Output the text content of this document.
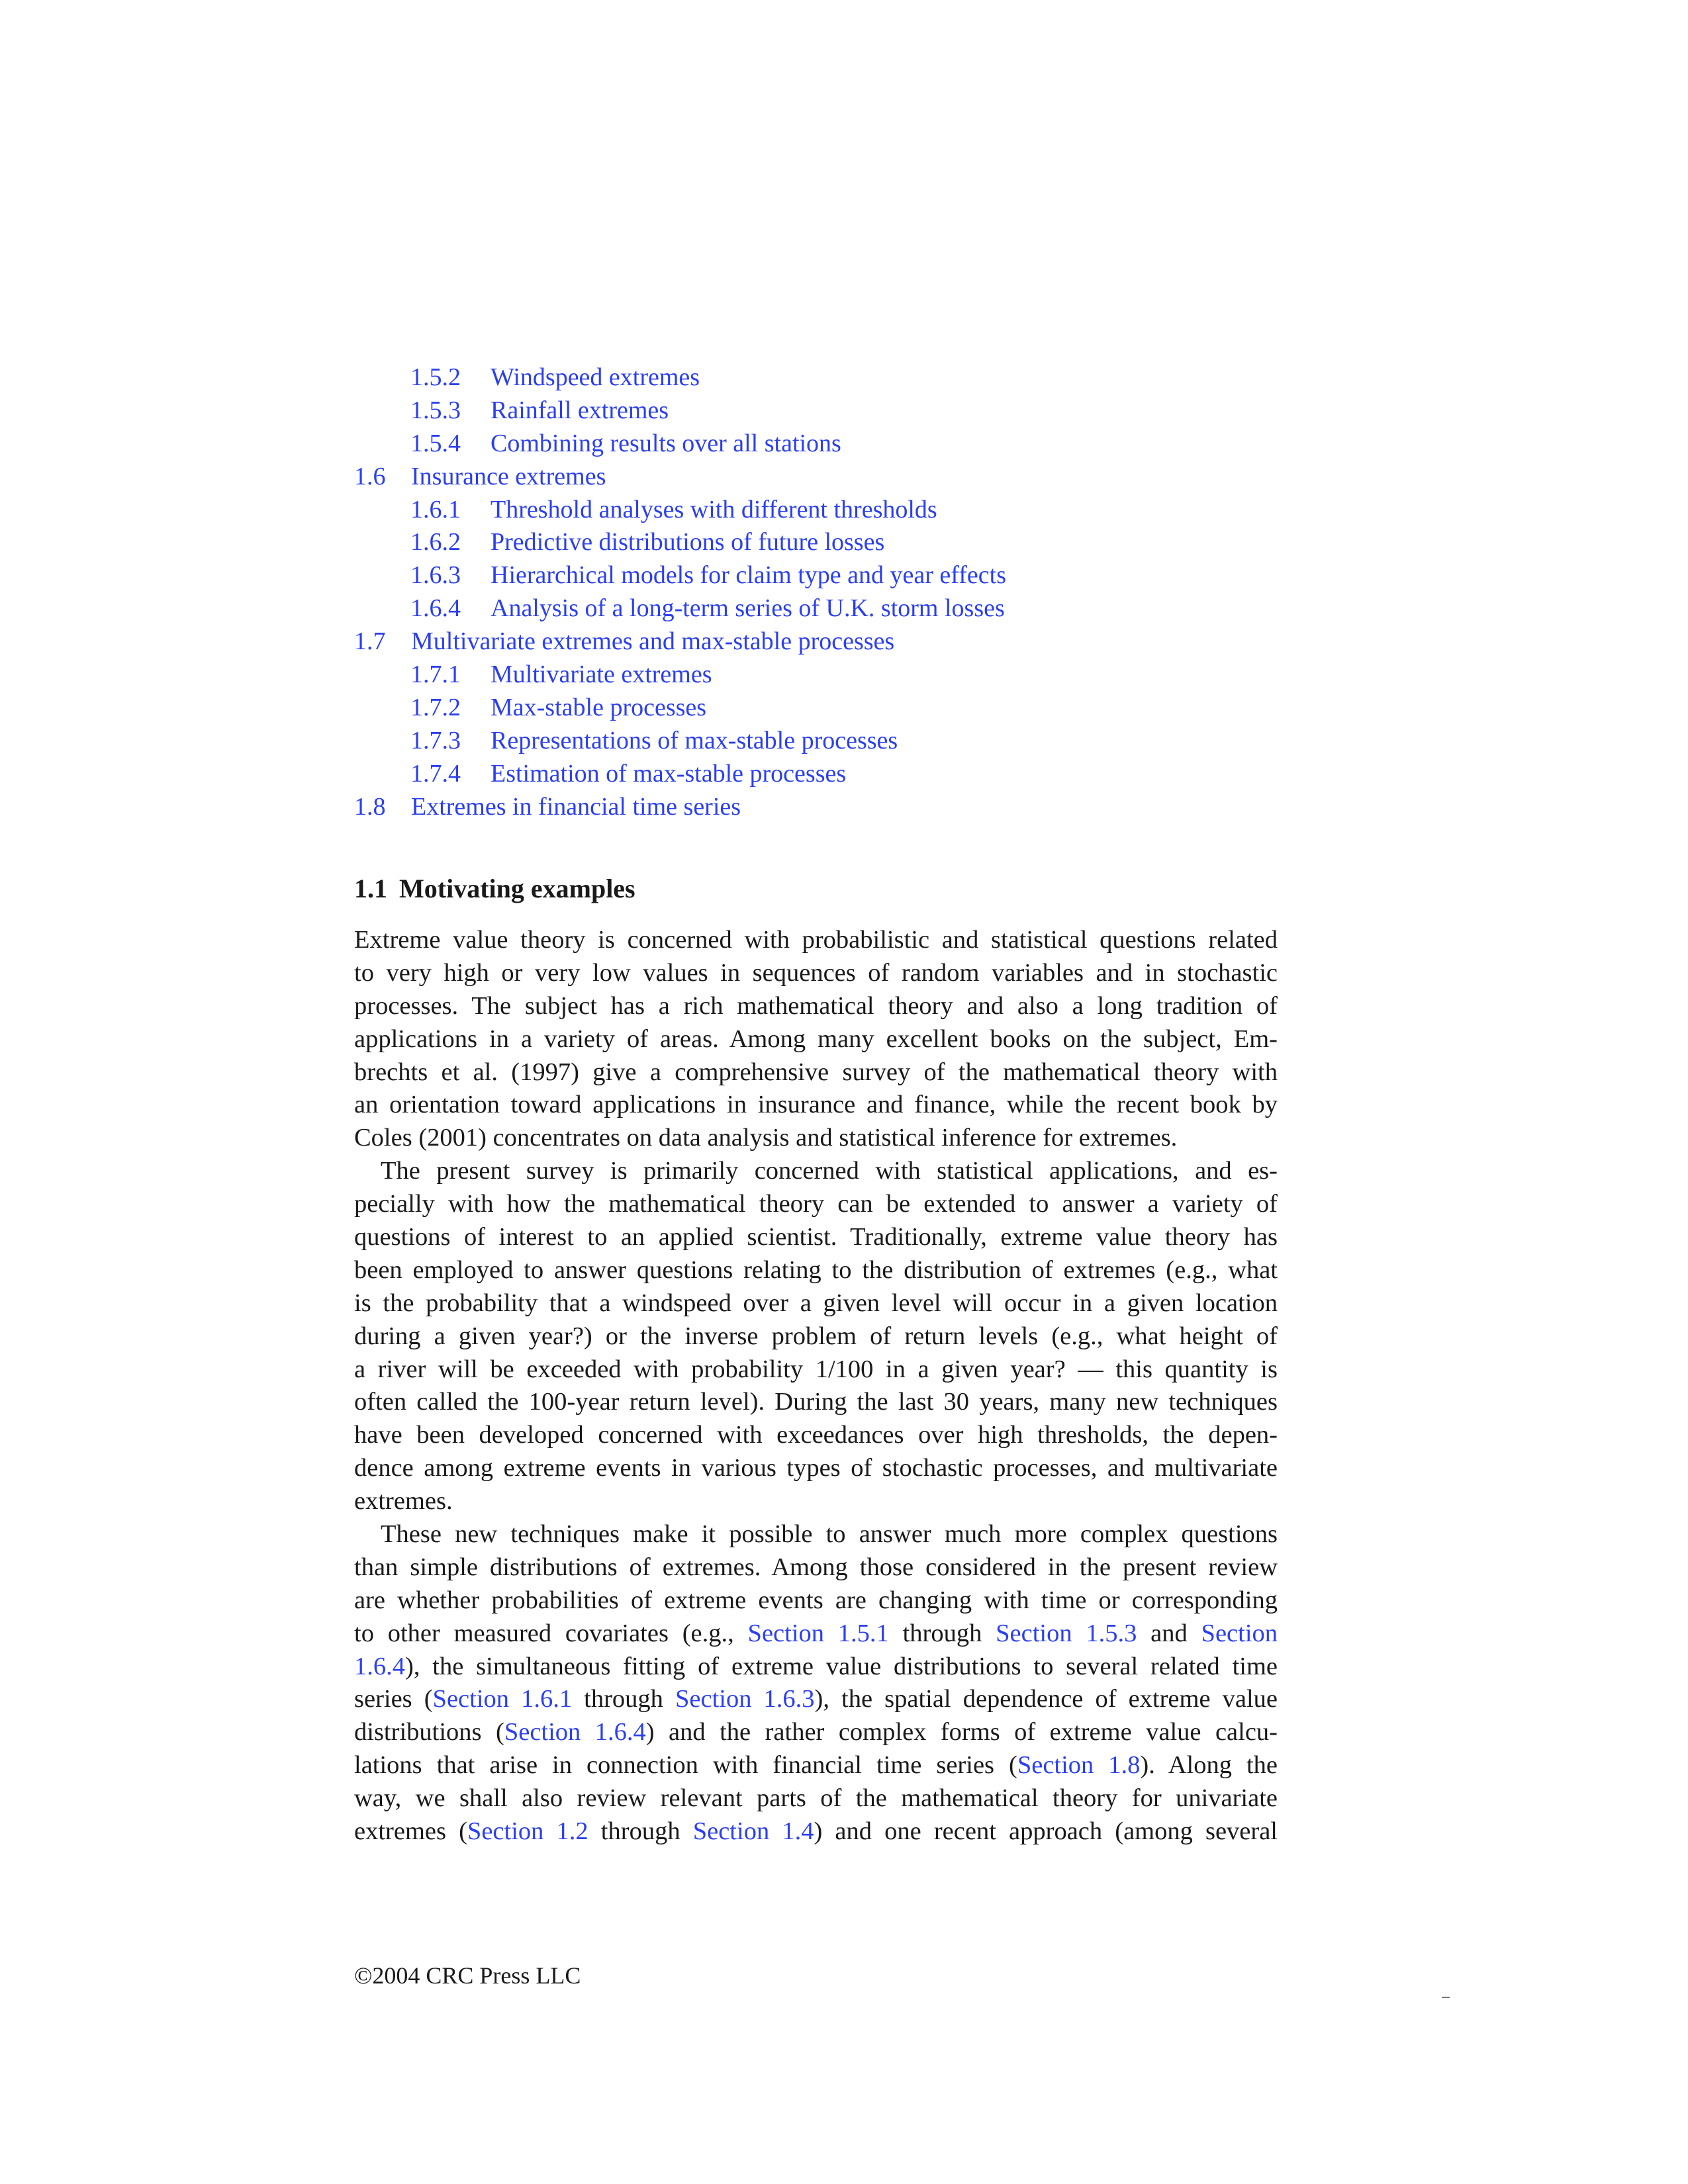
1.5.2 Windspeed extremes
1.5.3 Rainfall extremes
1.5.4 Combining results over all stations
1.6 Insurance extremes
1.6.1 Threshold analyses with different thresholds
1.6.2 Predictive distributions of future losses
1.6.3 Hierarchical models for claim type and year effects
1.6.4 Analysis of a long-term series of U.K. storm losses
1.7 Multivariate extremes and max-stable processes
1.7.1 Multivariate extremes
1.7.2 Max-stable processes
1.7.3 Representations of max-stable processes
1.7.4 Estimation of max-stable processes
1.8 Extremes in financial time series
1.1 Motivating examples
Extreme value theory is concerned with probabilistic and statistical questions related
to very high or very low values in sequences of random variables and in stochastic
processes. The subject has a rich mathematical theory and also a long tradition of
applications in a variety of areas. Among many excellent books on the subject, Em-
brechts et al. (1997) give a comprehensive survey of the mathematical theory with
an orientation toward applications in insurance and finance, while the recent book by
Coles (2001) concentrates on data analysis and statistical inference for extremes.
The present survey is primarily concerned with statistical applications, and es-
pecially with how the mathematical theory can be extended to answer a variety of
questions of interest to an applied scientist. Traditionally, extreme value theory has
been employed to answer questions relating to the distribution of extremes (e.g., what
is the probability that a windspeed over a given level will occur in a given location
during a given year?) or the inverse problem of return levels (e.g., what height of
a river will be exceeded with probability 1/100 in a given year? — this quantity is
often called the 100-year return level). During the last 30 years, many new techniques
have been developed concerned with exceedances over high thresholds, the depen-
dence among extreme events in various types of stochastic processes, and multivariate
extremes.
These new techniques make it possible to answer much more complex questions
than simple distributions of extremes. Among those considered in the present review
are whether probabilities of extreme events are changing with time or corresponding
to other measured covariates (e.g., Section 1.5.1 through Section 1.5.3 and Section
1.6.4), the simultaneous fitting of extreme value distributions to several related time
series (Section 1.6.1 through Section 1.6.3), the spatial dependence of extreme value
distributions (Section 1.6.4) and the rather complex forms of extreme value calcu-
lations that arise in connection with financial time series (Section 1.8). Along the
way, we shall also review relevant parts of the mathematical theory for univariate
extremes (Section 1.2 through Section 1.4) and one recent approach (among several
©2004 CRC Press LLC
